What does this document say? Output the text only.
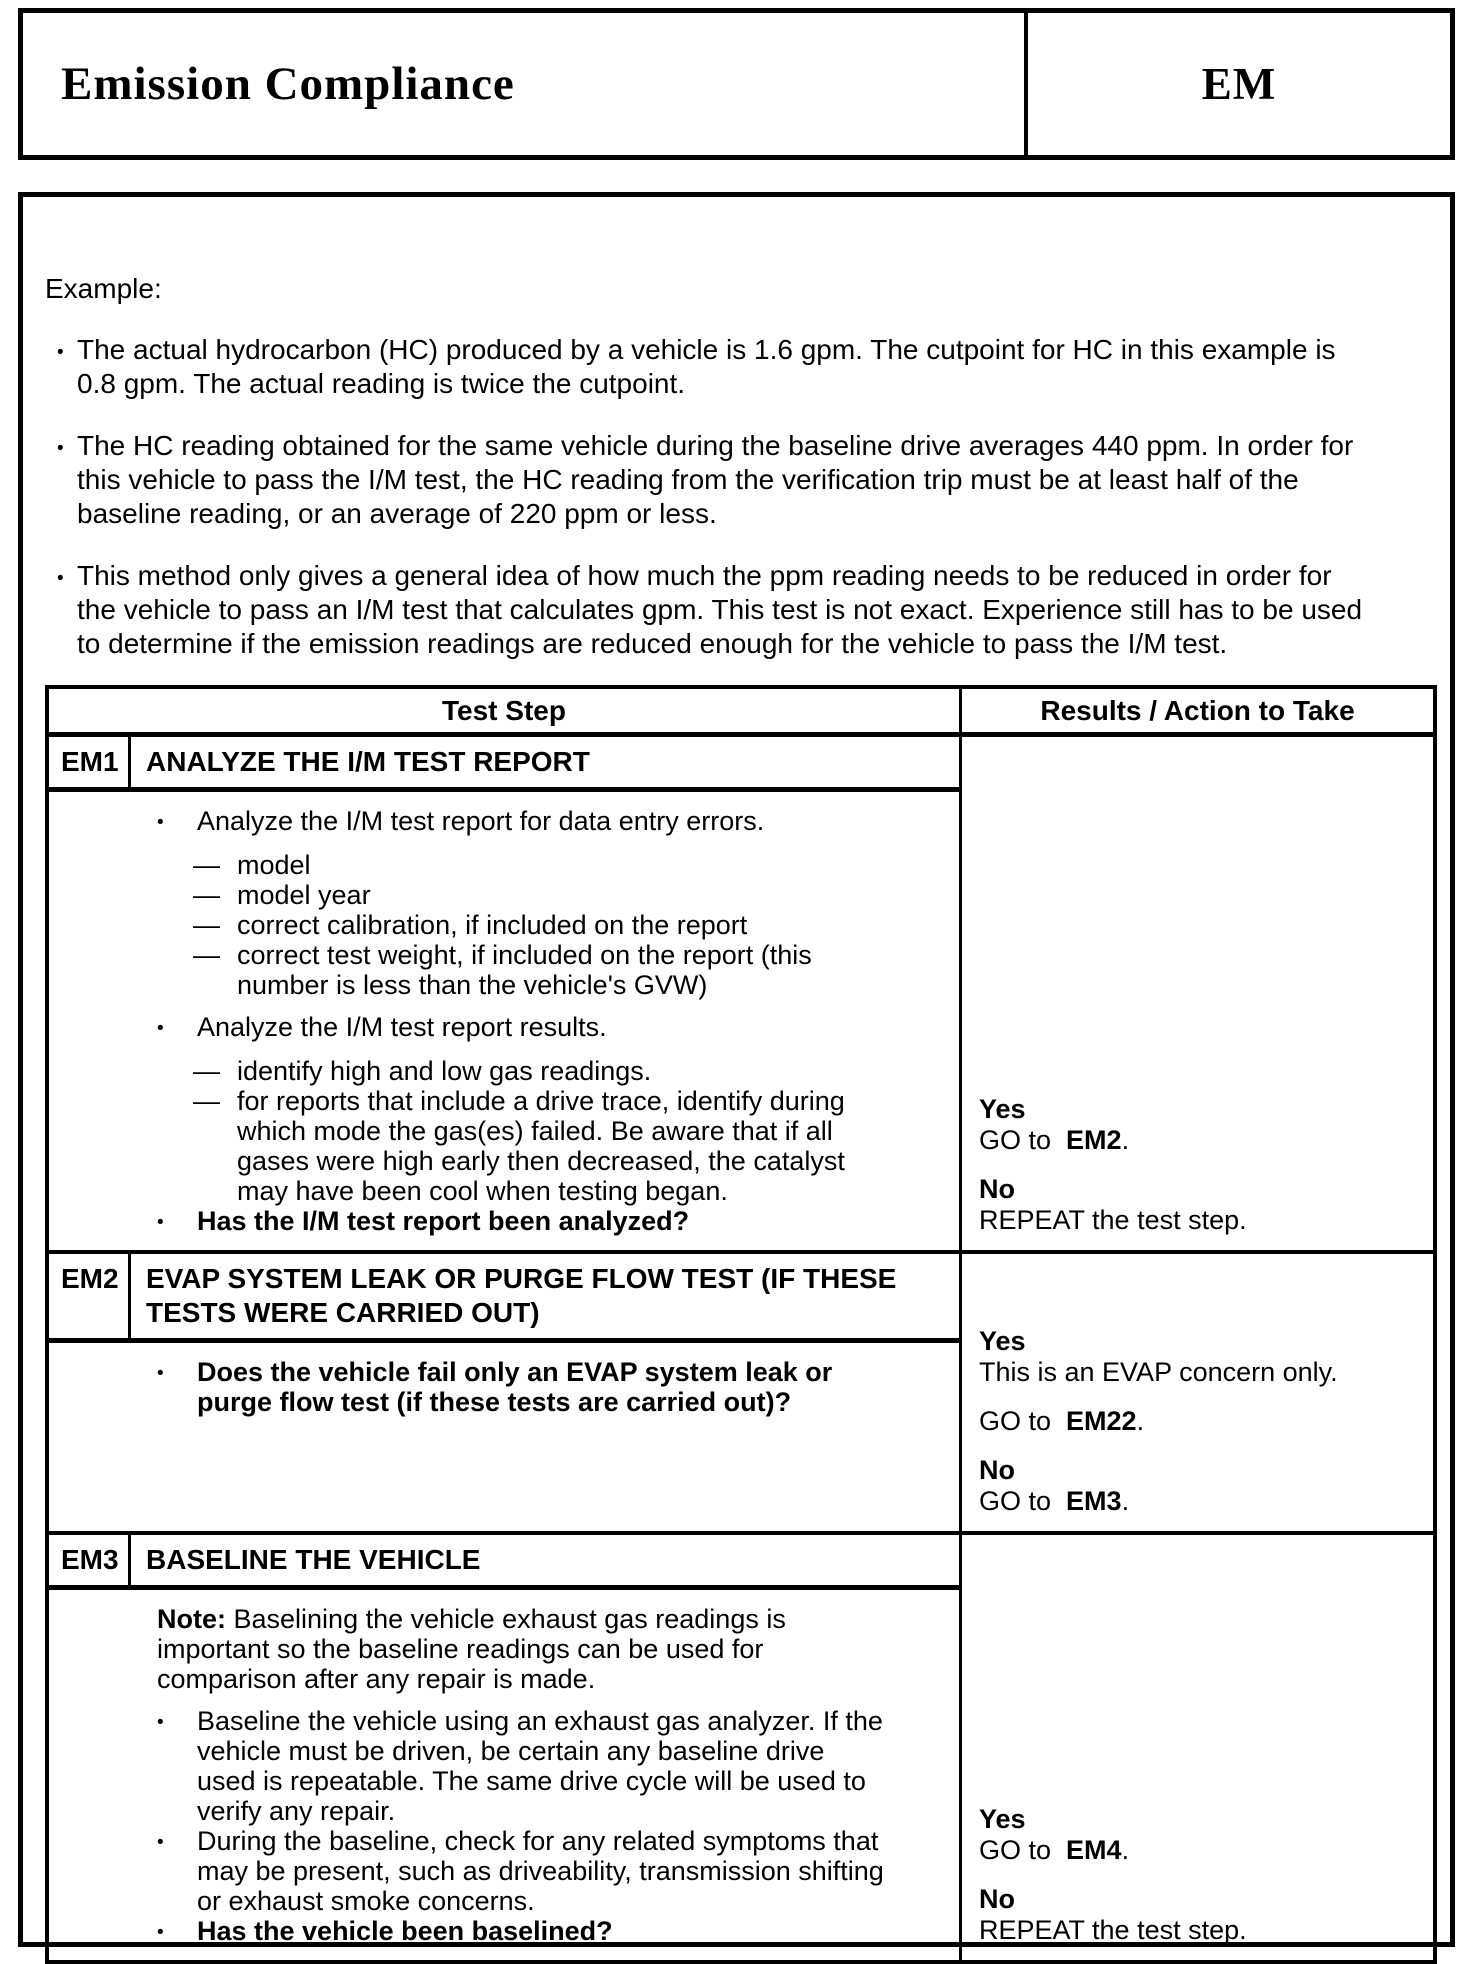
Emission Compliance	EM
Example:
• The actual hydrocarbon (HC) produced by a vehicle is 1.6 gpm. The cutpoint for HC in this example is 0.8 gpm. The actual reading is twice the cutpoint.
• The HC reading obtained for the same vehicle during the baseline drive averages 440 ppm. In order for this vehicle to pass the I/M test, the HC reading from the verification trip must be at least half of the baseline reading, or an average of 220 ppm or less.
• This method only gives a general idea of how much the ppm reading needs to be reduced in order for the vehicle to pass an I/M test that calculates gpm. This test is not exact. Experience still has to be used to determine if the emission readings are reduced enough for the vehicle to pass the I/M test.
Test Step	Results / Action to Take
EM1 ANALYZE THE I/M TEST REPORT
•	Analyze the I/M test report for data entry errors.
— model
— model year
— correct calibration, if included on the report
— correct test weight, if included on the report (this number is less than the vehicle's GVW)
•	Analyze the I/M test report results.
— identify high and low gas readings.
— for reports that include a drive trace, identify during which mode the gas(es) failed. Be aware that if all gases were high early then decreased, the catalyst may have been cool when testing began.
•	Has the I/M test report been analyzed?
Yes
GO to EM2.
No
REPEAT the test step.
EM2 EVAP SYSTEM LEAK OR PURGE FLOW TEST (IF THESE TESTS WERE CARRIED OUT)
•	Does the vehicle fail only an EVAP system leak or purge flow test (if these tests are carried out)?
Yes
This is an EVAP concern only.
GO to EM22.
No
GO to EM3.
EM3 BASELINE THE VEHICLE
Note: Baselining the vehicle exhaust gas readings is important so the baseline readings can be used for comparison after any repair is made.
•	Baseline the vehicle using an exhaust gas analyzer. If the vehicle must be driven, be certain any baseline drive used is repeatable. The same drive cycle will be used to verify any repair.
•	During the baseline, check for any related symptoms that may be present, such as driveability, transmission shifting or exhaust smoke concerns.
•	Has the vehicle been baselined?
Yes
GO to EM4.
No
REPEAT the test step.
